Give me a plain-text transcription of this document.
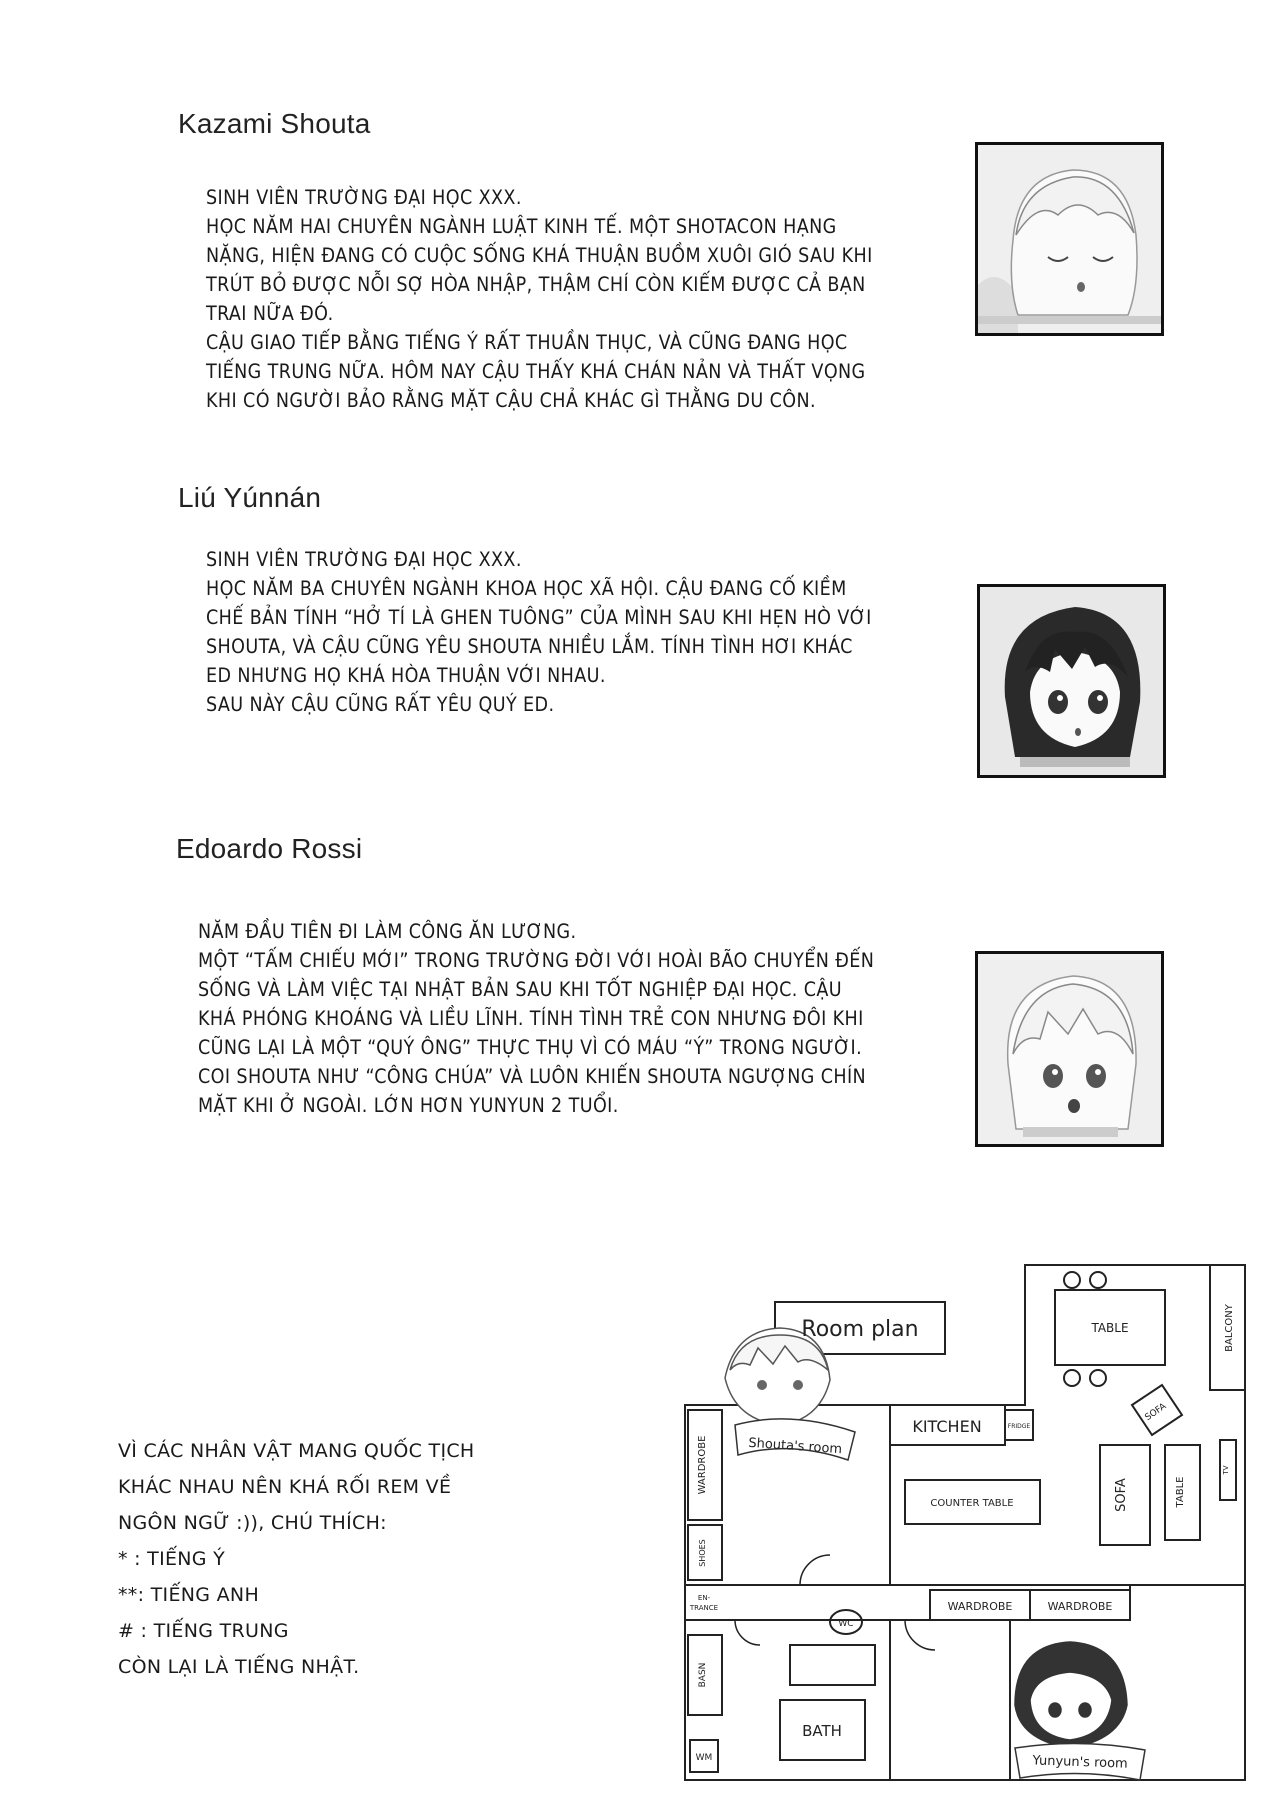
Kazami Shouta
SINH VIÊN TRƯỜNG ĐẠI HỌC XXX.
HỌC NĂM HAI CHUYÊN NGÀNH LUẬT KINH TẾ. MỘT SHOTACON HẠNG
NẶNG, HIỆN ĐANG CÓ CUỘC SỐNG KHÁ THUẬN BUỒM XUÔI GIÓ SAU KHI
TRÚT BỎ ĐƯỢC NỖI SỢ HÒA NHẬP, THẬM CHÍ CÒN KIẾM ĐƯỢC CẢ BẠN
TRAI NỮA ĐÓ.
CẬU GIAO TIẾP BẰNG TIẾNG Ý RẤT THUẦN THỤC, VÀ CŨNG ĐANG HỌC
TIẾNG TRUNG NỮA. HÔM NAY CẬU THẤY KHÁ CHÁN NẢN VÀ THẤT VỌNG
KHI CÓ NGƯỜI BẢO RẰNG MẶT CẬU CHẢ KHÁC GÌ THẰNG DU CÔN.
Liú Yúnnán
SINH VIÊN TRƯỜNG ĐẠI HỌC XXX.
HỌC NĂM BA CHUYÊN NGÀNH KHOA HỌC XÃ HỘI. CẬU ĐANG CỐ KIỀM
CHẾ BẢN TÍNH “HỞ TÍ LÀ GHEN TUÔNG” CỦA MÌNH SAU KHI HẸN HÒ VỚI
SHOUTA, VÀ CẬU CŨNG YÊU SHOUTA NHIỀU LẮM. TÍNH TÌNH HƠI KHÁC
ED NHƯNG HỌ KHÁ HÒA THUẬN VỚI NHAU.
SAU NÀY CẬU CŨNG RẤT YÊU QUÝ ED.
Edoardo Rossi
NĂM ĐẦU TIÊN ĐI LÀM CÔNG ĂN LƯƠNG.
MỘT “TẤM CHIẾU MỚI” TRONG TRƯỜNG ĐỜI VỚI HOÀI BÃO CHUYỂN ĐẾN
SỐNG VÀ LÀM VIỆC TẠI NHẬT BẢN SAU KHI TỐT NGHIỆP ĐẠI HỌC. CẬU
KHÁ PHÓNG KHOÁNG VÀ LIỀU LĨNH. TÍNH TÌNH TRẺ CON NHƯNG ĐÔI KHI
CŨNG LẠI LÀ MỘT “QUÝ ÔNG” THỰC THỤ VÌ CÓ MÁU “Ý” TRONG NGƯỜI.
COI SHOUTA NHƯ “CÔNG CHÚA” VÀ LUÔN KHIẾN SHOUTA NGƯỢNG CHÍN
MẶT KHI Ở NGOÀI. LỚN HƠN YUNYUN 2 TUỔI.
VÌ CÁC NHÂN VẬT MANG QUỐC TỊCH
KHÁC NHAU NÊN KHÁ RỐI REM VỀ
NGÔN NGỮ :)), CHÚ THÍCH:
* : TIẾNG Ý
**: TIẾNG ANH
# : TIẾNG TRUNG
CÒN LẠI LÀ TIẾNG NHẬT.
Room plan	TABLE	BALCONY
SOFA
KITCHEN	FRIDGE
COUNTER TABLE	SOFA	TABLE
TV
WARDROBE	Shouta's room
SHOES
EN-
TRANCE	WARDROBE	WARDROBE
WC
BASN
BATH
WM	Yunyun's room
